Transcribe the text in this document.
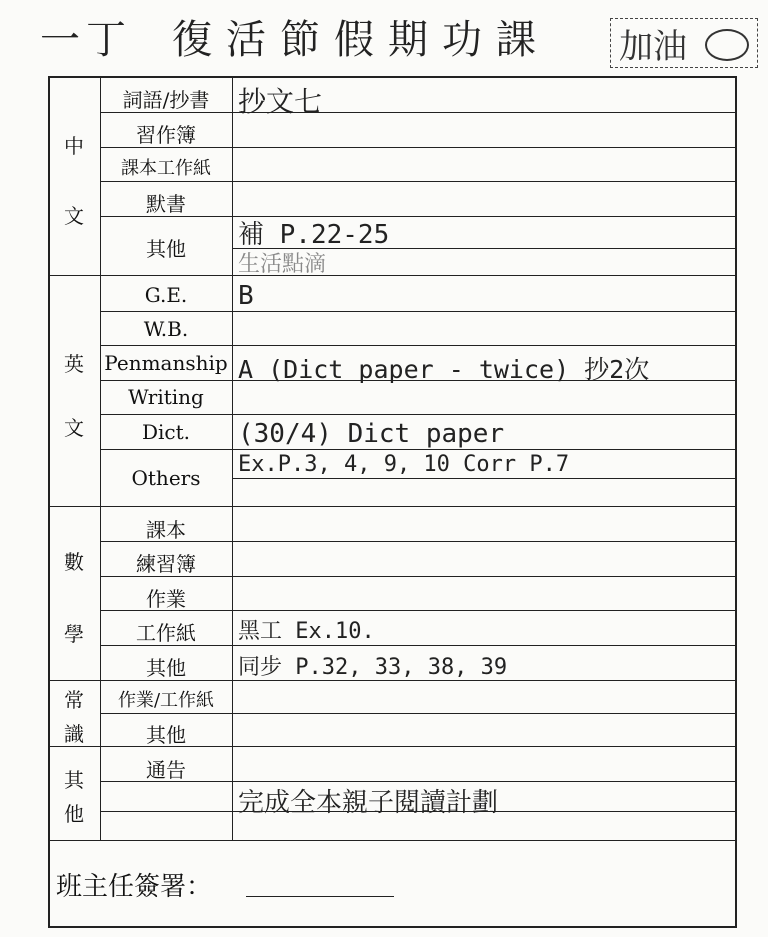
一丁 復活節假期功課 加油
中
文
英
文
數
學
常
識
其
他
詞語/抄書
習作簿
課本工作紙
默書
其他
G.E.
W.B.
Penmanship
Writing
Dict.
Others
課本
練習簿
作業
工作紙
其他
作業/工作紙
其他
通告
抄文七
補 P.22-25
生活點滴
B
A (Dict paper - twice) 抄2次
(30/4) Dict paper
Ex.P.3, 4, 9, 10 Corr P.7
黑工 Ex.10.
同步 P.32, 33, 38, 39
完成全本親子閱讀計劃
班主任簽署：
